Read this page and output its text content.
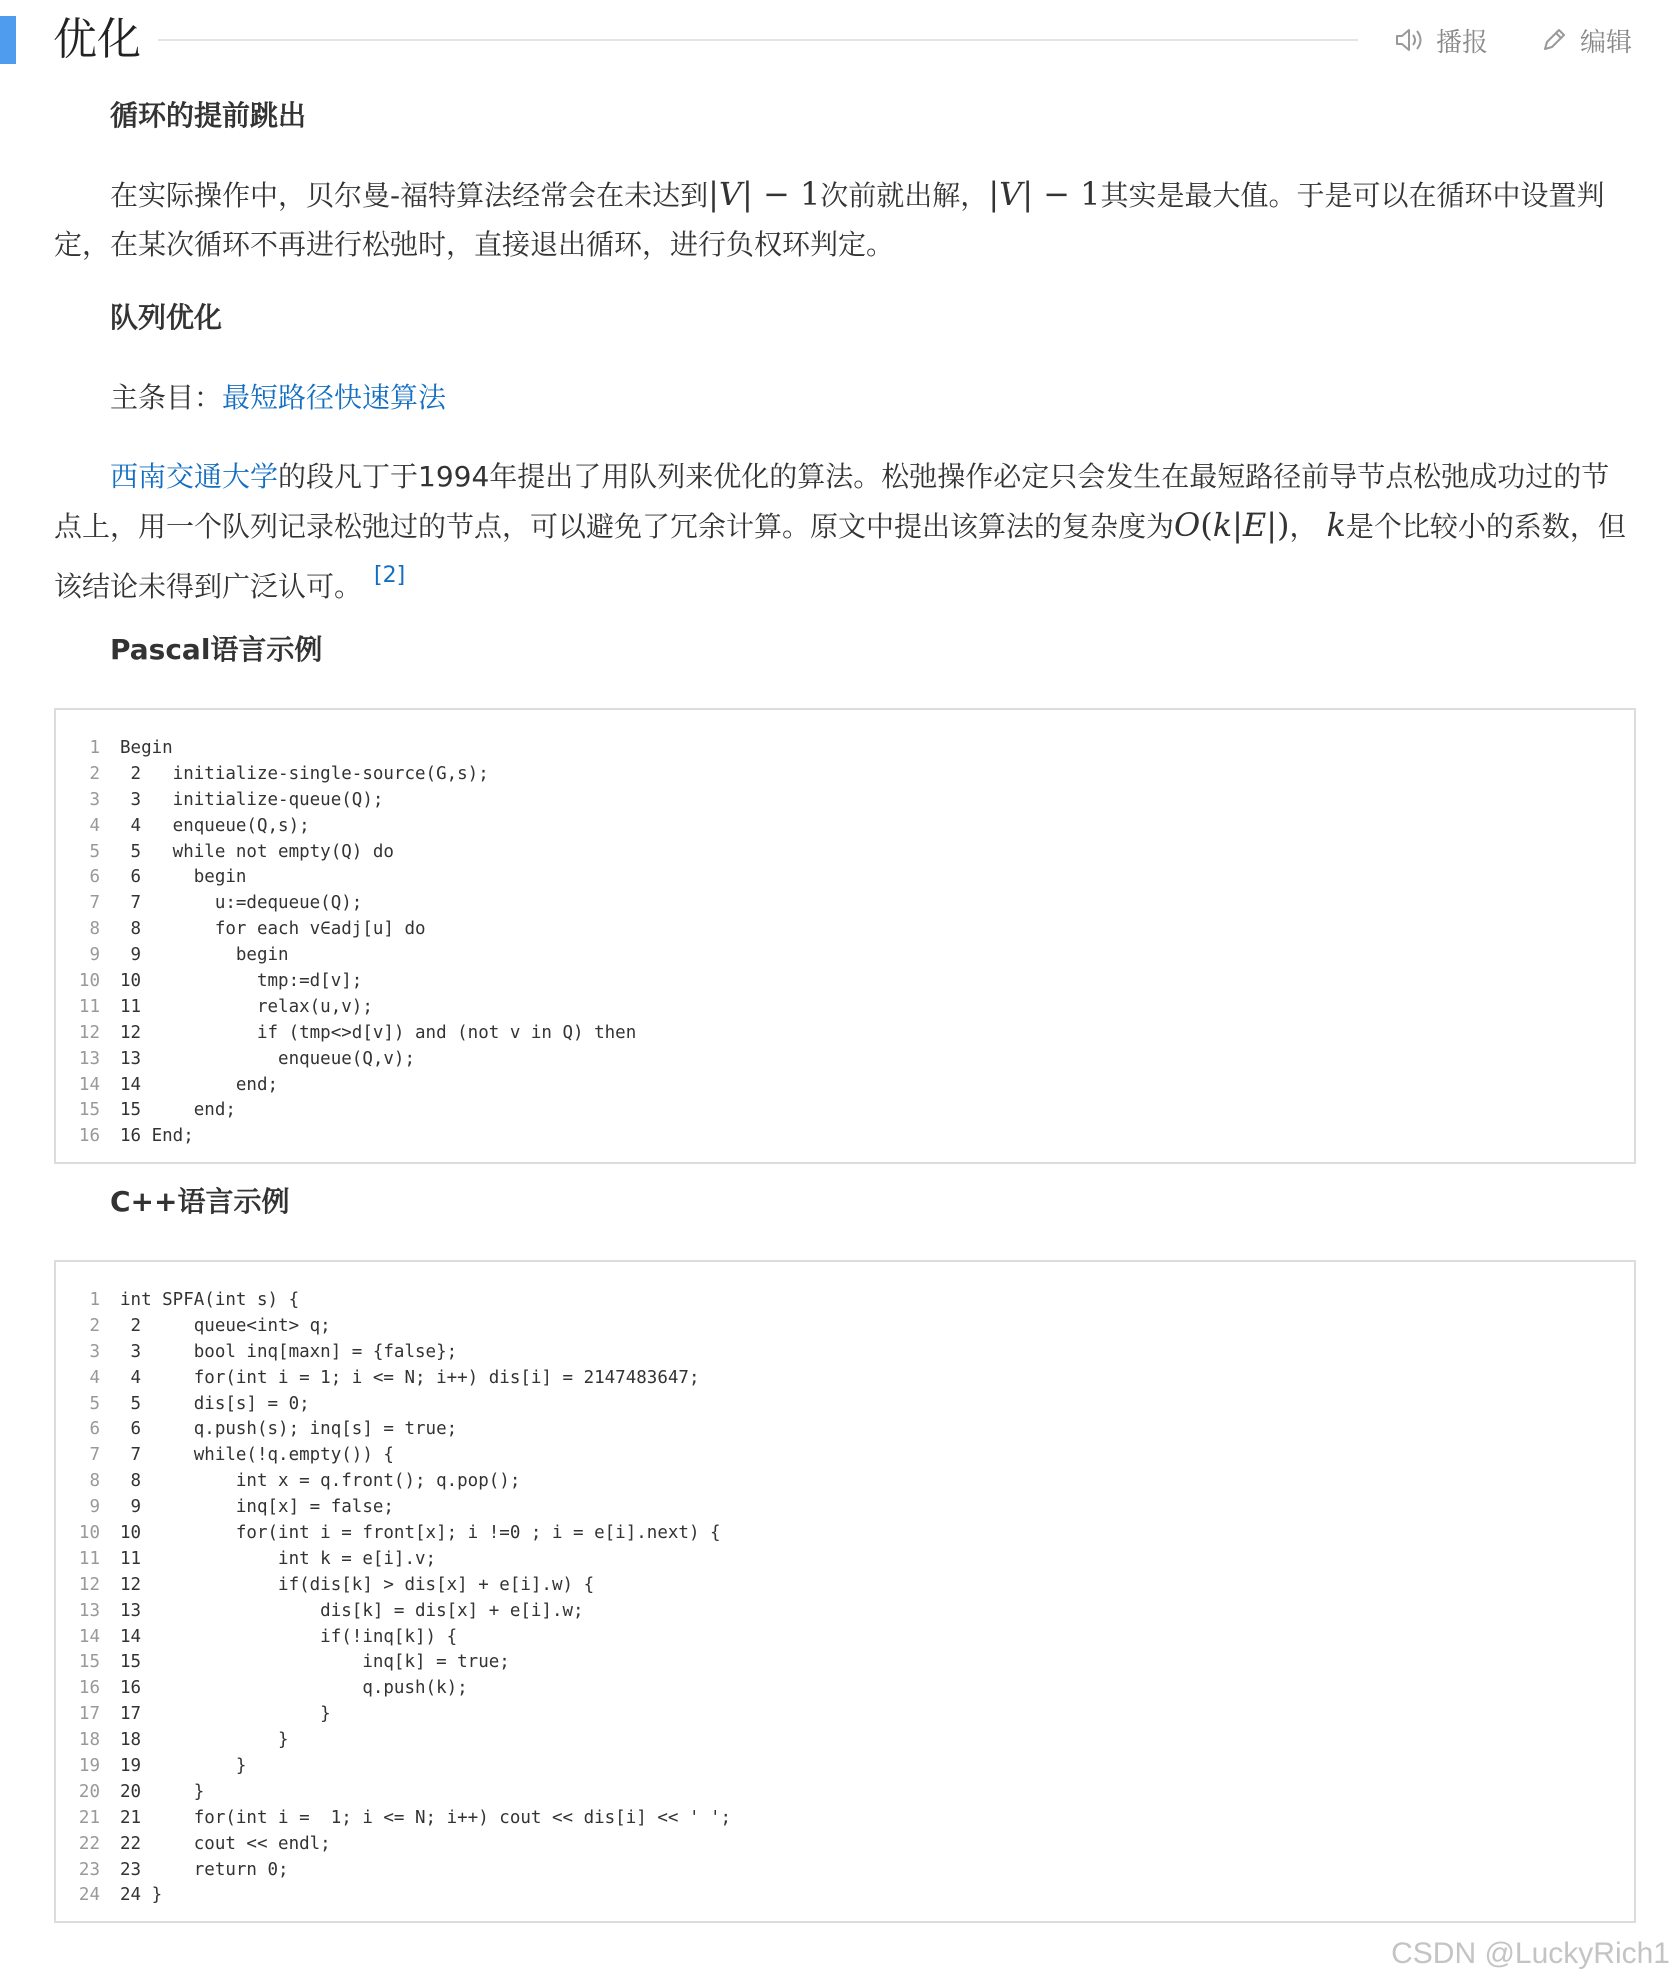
优化	播报	编辑
循环的提前跳出
在实际操作中，贝尔曼-福特算法经常会在未达到|V| − 1次前就出解，|V| − 1其实是最大值。于是可以在循环中设置判定，在某次循环不再进行松弛时，直接退出循环，进行负权环判定。
队列优化
主条目：最短路径快速算法
西南交通大学的段凡丁于1994年提出了用队列来优化的算法。松弛操作必定只会发生在最短路径前导节点松弛成功过的节点上，用一个队列记录松弛过的节点，可以避免了冗余计算。原文中提出该算法的复杂度为O(k|E|)， k是个比较小的系数，但该结论未得到广泛认可。 [2]
Pascal语言示例
1	Begin
2	2   initialize-single-source(G,s);
3	3   initialize-queue(Q);
4	4   enqueue(Q,s);
5	5   while not empty(Q) do
6	6     begin
7	7       u:=dequeue(Q);
8	8       for each v∈adj[u] do
9	9         begin
10	10           tmp:=d[v];
11	11           relax(u,v);
12	12           if (tmp<>d[v]) and (not v in Q) then
13	13             enqueue(Q,v);
14	14         end;
15	15     end;
16	16 End;
C++语言示例
1	int SPFA(int s) {
2	2     queue<int> q;
3	3     bool inq[maxn] = {false};
4	4     for(int i = 1; i <= N; i++) dis[i] = 2147483647;
5	5     dis[s] = 0;
6	6     q.push(s); inq[s] = true;
7	7     while(!q.empty()) {
8	8         int x = q.front(); q.pop();
9	9         inq[x] = false;
10	10         for(int i = front[x]; i !=0 ; i = e[i].next) {
11	11             int k = e[i].v;
12	12             if(dis[k] > dis[x] + e[i].w) {
13	13                 dis[k] = dis[x] + e[i].w;
14	14                 if(!inq[k]) {
15	15                     inq[k] = true;
16	16                     q.push(k);
17	17                 }
18	18             }
19	19         }
20	20     }
21	21     for(int i =  1; i <= N; i++) cout << dis[i] << ' ';
22	22     cout << endl;
23	23     return 0;
24	24 }
CSDN @LuckyRich1
